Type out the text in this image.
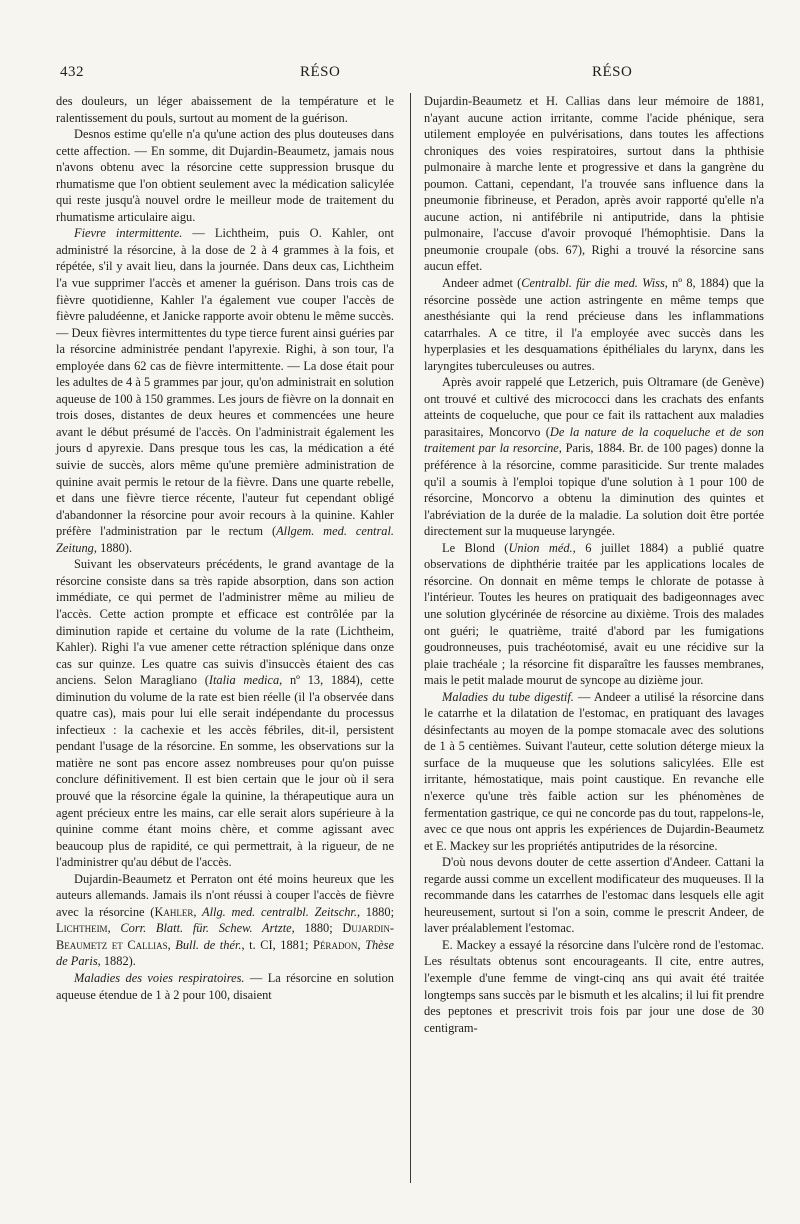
432	RÉSO	RÉSO

des douleurs, un léger abaissement de la température et le ralentissement du pouls, surtout au moment de la guérison.

Desnos estime qu'elle n'a qu'une action des plus douteuses dans cette affection. — En somme, dit Dujardin-Beaumetz, jamais nous n'avons obtenu avec la résorcine cette suppression brusque du rhumatisme que l'on obtient seulement avec la médication salicylée qui reste jusqu'à nouvel ordre le meilleur mode de traitement du rhumatisme articulaire aigu.

Fievre intermittente. — Lichtheim, puis O. Kahler, ont administré la résorcine, à la dose de 2 à 4 grammes à la fois, et répétée, s'il y avait lieu, dans la journée. Dans deux cas, Lichtheim l'a vue supprimer l'accès et amener la guérison. Dans trois cas de fièvre quotidienne, Kahler l'a également vue couper l'accès de fièvre paludéenne, et Janicke rapporte avoir obtenu le même succès. — Deux fièvres intermittentes du type tierce furent ainsi guéries par la résorcine administrée pendant l'apyrexie. Righi, à son tour, l'a employée dans 62 cas de fièvre intermittente. — La dose était pour les adultes de 4 à 5 grammes par jour, qu'on administrait en solution aqueuse de 100 à 150 grammes. Les jours de fièvre on la donnait en trois doses, distantes de deux heures et commencées une heure avant le début présumé de l'accès. On l'administrait également les jours d apyrexie. Dans presque tous les cas, la médication a été suivie de succès, alors même qu'une première administration de quinine avait permis le retour de la fièvre. Dans une quarte rebelle, et dans une fièvre tierce récente, l'auteur fut cependant obligé d'abandonner la résorcine pour avoir recours à la quinine. Kahler préfère l'administration par le rectum (Allgem. med. central. Zeitung, 1880).

Suivant les observateurs précédents, le grand avantage de la résorcine consiste dans sa très rapide absorption, dans son action immédiate, ce qui permet de l'administrer même au milieu de l'accès. Cette action prompte et efficace est contrôlée par la diminution rapide et certaine du volume de la rate (Lichtheim, Kahler). Righi l'a vue amener cette rétraction splénique dans onze cas sur quinze. Les quatre cas suivis d'insuccès étaient des cas anciens. Selon Maragliano (Italia medica, nº 13, 1884), cette diminution du volume de la rate est bien réelle (il l'a observée dans quatre cas), mais pour lui elle serait indépendante du processus infectieux : la cachexie et les accès fébriles, dit-il, persistent pendant l'usage de la résorcine. En somme, les observations sur la matière ne sont pas encore assez nombreuses pour qu'on puisse conclure définitivement. Il est bien certain que le jour où il sera prouvé que la résorcine égale la quinine, la thérapeutique aura un agent précieux entre les mains, car elle serait alors supérieure à la quinine comme étant moins chère, et comme agissant avec beaucoup plus de rapidité, ce qui permettrait, à la rigueur, de ne l'administrer qu'au début de l'accès.

Dujardin-Beaumetz et Perraton ont été moins heureux que les auteurs allemands. Jamais ils n'ont réussi à couper l'accès de fièvre avec la résorcine (Kahler, Allg. med. centralbl. Zeitschr., 1880; Lichtheim, Corr. Blatt. für. Schew. Artzte, 1880; Dujardin-Beaumetz et Callias, Bull. de thér., t. CI, 1881; Péradon, Thèse de Paris, 1882).

Maladies des voies respiratoires. — La résorcine en solution aqueuse étendue de 1 à 2 pour 100, disaient

Dujardin-Beaumetz et H. Callias dans leur mémoire de 1881, n'ayant aucune action irritante, comme l'acide phénique, sera utilement employée en pulvérisations, dans toutes les affections chroniques des voies respiratoires, surtout dans la phthisie pulmonaire à marche lente et progressive et dans la gangrène du poumon. Cattani, cependant, l'a trouvée sans influence dans la pneumonie fibrineuse, et Peradon, après avoir rapporté qu'elle n'a aucune action, ni antifébrile ni antiputride, dans la phtisie pulmonaire, l'accuse d'avoir provoqué l'hémophtisie. Dans la pneumonie croupale (obs. 67), Righi a trouvé la résorcine sans aucun effet.

Andeer admet (Centralbl. für die med. Wiss, nº 8, 1884) que la résorcine possède une action astringente en même temps que anesthésiante qui la rend précieuse dans les inflammations catarrhales. A ce titre, il l'a employée avec succès dans les hyperplasies et les desquamations épithéliales du larynx, dans les laryngites tuberculeuses ou autres.

Après avoir rappelé que Letzerich, puis Oltramare (de Genève) ont trouvé et cultivé des micrococci dans les crachats des enfants atteints de coqueluche, que pour ce fait ils rattachent aux maladies parasitaires, Moncorvo (De la nature de la coqueluche et de son traitement par la resorcine, Paris, 1884. Br. de 100 pages) donne la préférence à la résorcine, comme parasiticide. Sur trente malades qu'il a soumis à l'emploi topique d'une solution à 1 pour 100 de résorcine, Moncorvo a obtenu la diminution des quintes et l'abréviation de la durée de la maladie. La solution doit être portée directement sur la muqueuse laryngée.

Le Blond (Union méd., 6 juillet 1884) a publié quatre observations de diphthérie traitée par les applications locales de résorcine. On donnait en même temps le chlorate de potasse à l'intérieur. Toutes les heures on pratiquait des badigeonnages avec une solution glycérinée de résorcine au dixième. Trois des malades ont guéri; le quatrième, traité d'abord par les fumigations goudronneuses, puis trachéotomisé, avait eu une récidive sur la plaie trachéale ; la résorcine fit disparaître les fausses membranes, mais le petit malade mourut de syncope au dizième jour.

Maladies du tube digestif. — Andeer a utilisé la résorcine dans le catarrhe et la dilatation de l'estomac, en pratiquant des lavages désinfectants au moyen de la pompe stomacale avec des solutions de 1 à 5 centièmes. Suivant l'auteur, cette solution déterge mieux la surface de la muqueuse que les solutions salicylées. Elle est irritante, hémostatique, mais point caustique. En revanche elle n'exerce qu'une très faible action sur les phénomènes de fermentation gastrique, ce qui ne concorde pas du tout, rappelons-le, avec ce que nous ont appris les expériences de Dujardin-Beaumetz et E. Mackey sur les propriétés antiputrides de la résorcine.

D'où nous devons douter de cette assertion d'Andeer. Cattani la regarde aussi comme un excellent modificateur des muqueuses. Il la recommande dans les catarrhes de l'estomac dans lesquels elle agit heureusement, surtout si l'on a soin, comme le prescrit Andeer, de laver préalablement l'estomac.

E. Mackey a essayé la résorcine dans l'ulcère rond de l'estomac. Les résultats obtenus sont encourageants. Il cite, entre autres, l'exemple d'une femme de vingt-cinq ans qui avait été traitée longtemps sans succès par le bismuth et les alcalins; il lui fit prendre des peptones et prescrivit trois fois par jour une dose de 30 centigram-
